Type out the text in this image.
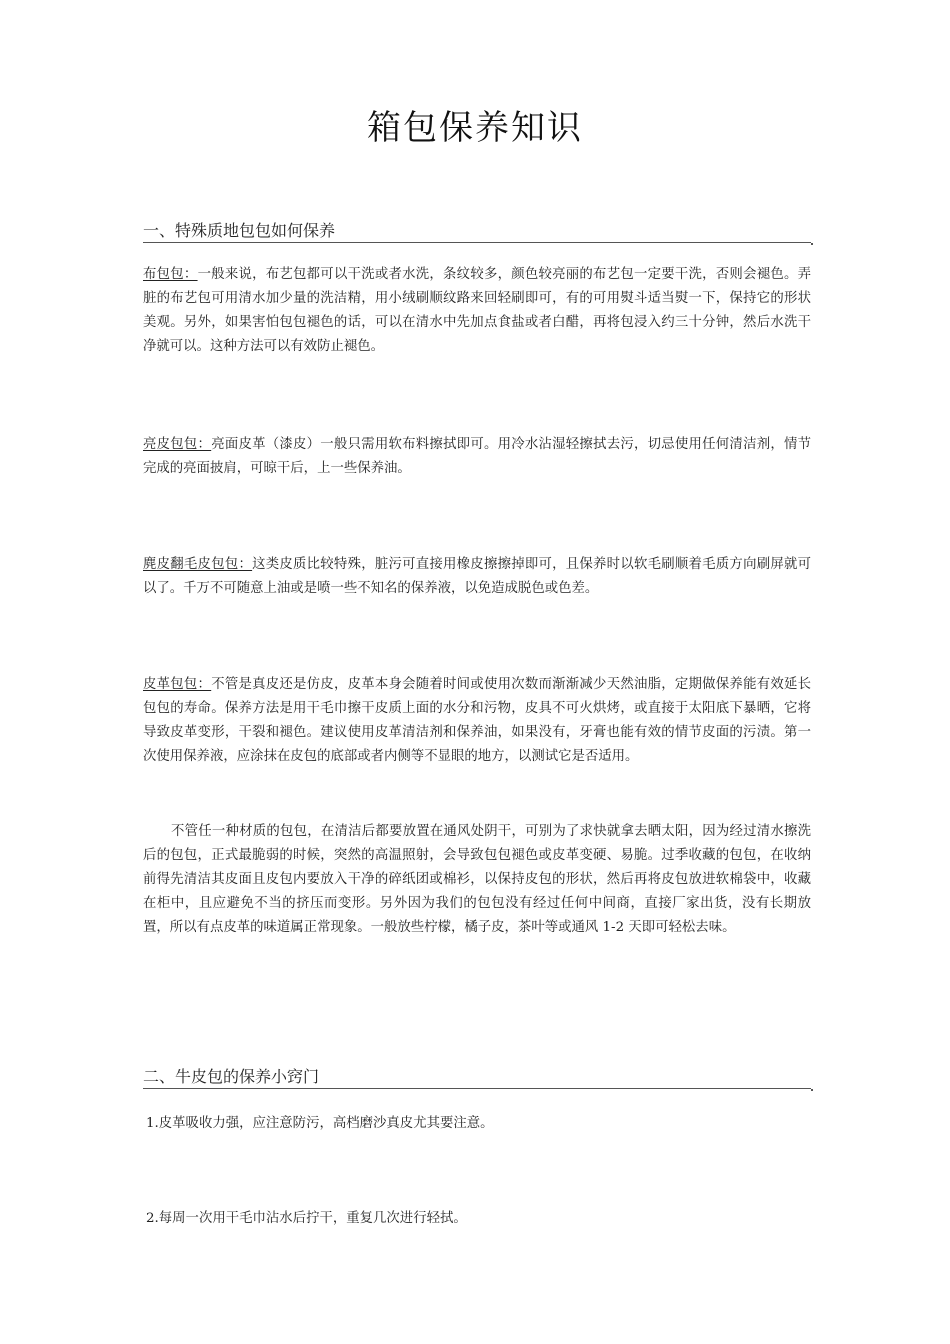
箱包保养知识
一、特殊质地包包如何保养
布包包：一般来说，布艺包都可以干洗或者水洗，条纹较多，颜色较亮丽的布艺包一定要干洗，否则会褪色。弄脏的布艺包可用清水加少量的洗洁精，用小绒刷顺纹路来回轻刷即可，有的可用熨斗适当熨一下，保持它的形状美观。另外，如果害怕包包褪色的话，可以在清水中先加点食盐或者白醋，再将包浸入约三十分钟，然后水洗干净就可以。这种方法可以有效防止褪色。
亮皮包包：亮面皮革（漆皮）一般只需用软布料擦拭即可。用冷水沾湿轻擦拭去污，切忌使用任何清洁剂，情节完成的亮面披肩，可晾干后，上一些保养油。
麂皮翻毛皮包包：这类皮质比较特殊，脏污可直接用橡皮擦擦掉即可，且保养时以软毛刷顺着毛质方向刷屏就可以了。千万不可随意上油或是喷一些不知名的保养液，以免造成脱色或色差。
皮革包包：不管是真皮还是仿皮，皮革本身会随着时间或使用次数而渐渐减少天然油脂，定期做保养能有效延长包包的寿命。保养方法是用干毛巾擦干皮质上面的水分和污物，皮具不可火烘烤，或直接于太阳底下暴晒，它将导致皮革变形，干裂和褪色。建议使用皮革清洁剂和保养油，如果没有，牙膏也能有效的情节皮面的污渍。第一次使用保养液，应涂抹在皮包的底部或者内侧等不显眼的地方，以测试它是否适用。
不管任一种材质的包包，在清洁后都要放置在通风处阴干，可别为了求快就拿去晒太阳，因为经过清水擦洗后的包包，正式最脆弱的时候，突然的高温照射，会导致包包褪色或皮革变硬、易脆。过季收藏的包包，在收纳前得先清洁其皮面且皮包内要放入干净的碎纸团或棉衫，以保持皮包的形状，然后再将皮包放进软棉袋中，收藏在柜中，且应避免不当的挤压而变形。另外因为我们的包包没有经过任何中间商，直接厂家出货，没有长期放置，所以有点皮革的味道属正常现象。一般放些柠檬，橘子皮，茶叶等或通风 1-2 天即可轻松去味。
二、牛皮包的保养小窍门
1.皮革吸收力强，应注意防污，高档磨沙真皮尤其要注意。
2.每周一次用干毛巾沾水后拧干，重复几次进行轻拭。
